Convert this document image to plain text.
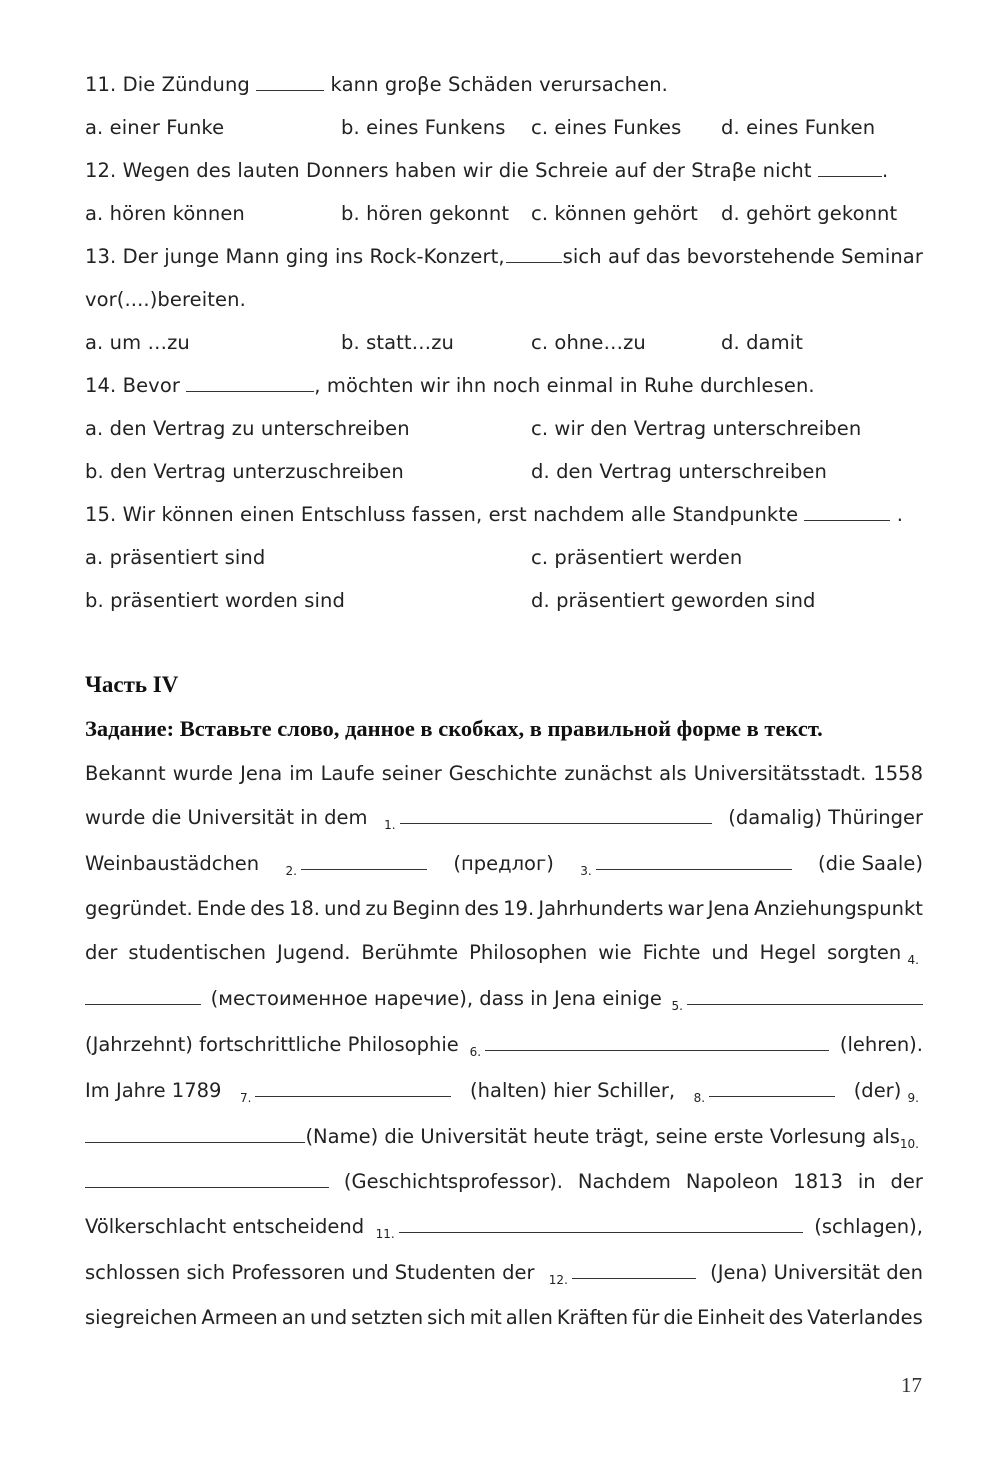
11. Die Zündung	kann groβe Schäden verursachen.
a. einer Funke	b. eines Funkens c. eines Funkes d. eines Funken
12. Wegen des lauten Donners haben wir die Schreie auf der Straβe nicht	.
a. hören können	b. hören gekonnt c. können gehört d. gehört gekonnt
13. Der junge Mann ging ins Rock-Konzert,	sich auf das bevorstehende Seminar
vor(....)bereiten.
a. um …zu	b. statt…zu	c. ohne…zu	d. damit
14. Bevor	, möchten wir ihn noch einmal in Ruhe durchlesen.
a. den Vertrag zu unterschreiben	c. wir den Vertrag unterschreiben
b. den Vertrag unterzuschreiben	d. den Vertrag unterschreiben
15. Wir können einen Entschluss fassen, erst nachdem alle Standpunkte	.
a. präsentiert sind	c. präsentiert werden
b. präsentiert worden sind	d. präsentiert geworden sind
Часть IV
Задание: Вставьте слово, данное в скобках, в правильной форме в текст.
Bekannt wurde Jena im Laufe seiner Geschichte zunächst als Universitätsstadt. 1558
wurde die Universität in dem $_{1.}$	(damalig) Thüringer
Weinbaustädchen $_{2.}$	(предлог) $_{3.}$	(die Saale)
gegründet. Ende des 18. und zu Beginn des 19. Jahrhunderts war Jena Anziehungspunkt
der studentischen Jugend. Berühmte Philosophen wie Fichte und Hegel sorgten $_{4.}$
(местоименное наречие), dass in Jena einige $_{5.}$
(Jahrzehnt) fortschrittliche Philosophie $_{6.}$	(lehren).
Im Jahre 1789 $_{7.}$	(halten) hier Schiller, $_{8.}$	(der) $_{9.}$
(Name) die Universität heute trägt, seine erste Vorlesung als 10.
(Geschichtsprofessor). Nachdem Napoleon 1813 in der
Völkerschlacht entscheidend $_{11.}$	(schlagen),
schlossen sich Professoren und Studenten der $_{12.}$	(Jena) Universität den
siegreichen Armeen an und setzten sich mit allen Kräften für die Einheit des Vaterlandes
17
